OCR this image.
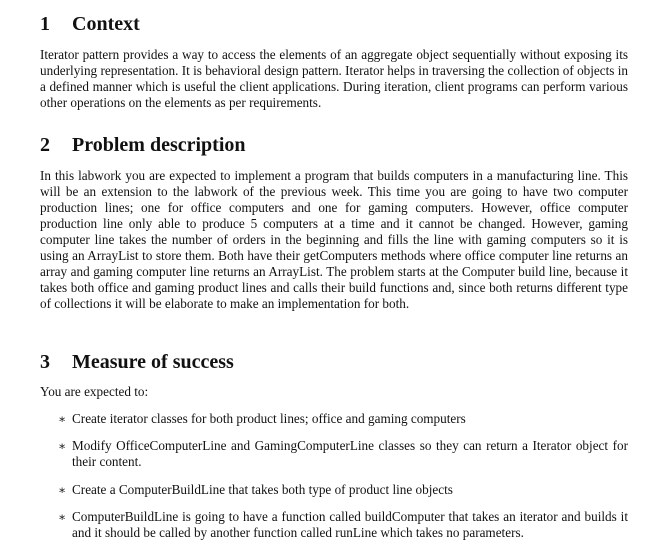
1 Context

Iterator pattern provides a way to access the elements of an aggregate object sequentially without exposing its underlying representation. It is behavioral design pattern. Iterator helps in traversing the collection of objects in a defined manner which is useful the client applications. During iteration, client programs can perform various other operations on the elements as per requirements.

2 Problem description

In this labwork you are expected to implement a program that builds computers in a manufacturing line. This will be an extension to the labwork of the previous week. This time you are going to have two computer production lines; one for office computers and one for gaming computers. However, office computer production line only able to produce 5 computers at a time and it cannot be changed. However, gaming computer line takes the number of orders in the beginning and fills the line with gaming computers so it is using an ArrayList to store them. Both have their getComputers methods where office computer line returns an array and gaming computer line returns an ArrayList. The problem starts at the Computer build line, because it takes both office and gaming product lines and calls their build functions and, since both returns different type of collections it will be elaborate to make an implementation for both.

3 Measure of success

You are expected to:

∗ Create iterator classes for both product lines; office and gaming computers
∗ Modify OfficeComputerLine and GamingComputerLine classes so they can return a Iterator object for their content.
∗ Create a ComputerBuildLine that takes both type of product line objects
∗ ComputerBuildLine is going to have a function called buildComputer that takes an iterator and builds it and it should be called by another function called runLine which takes no parameters.
